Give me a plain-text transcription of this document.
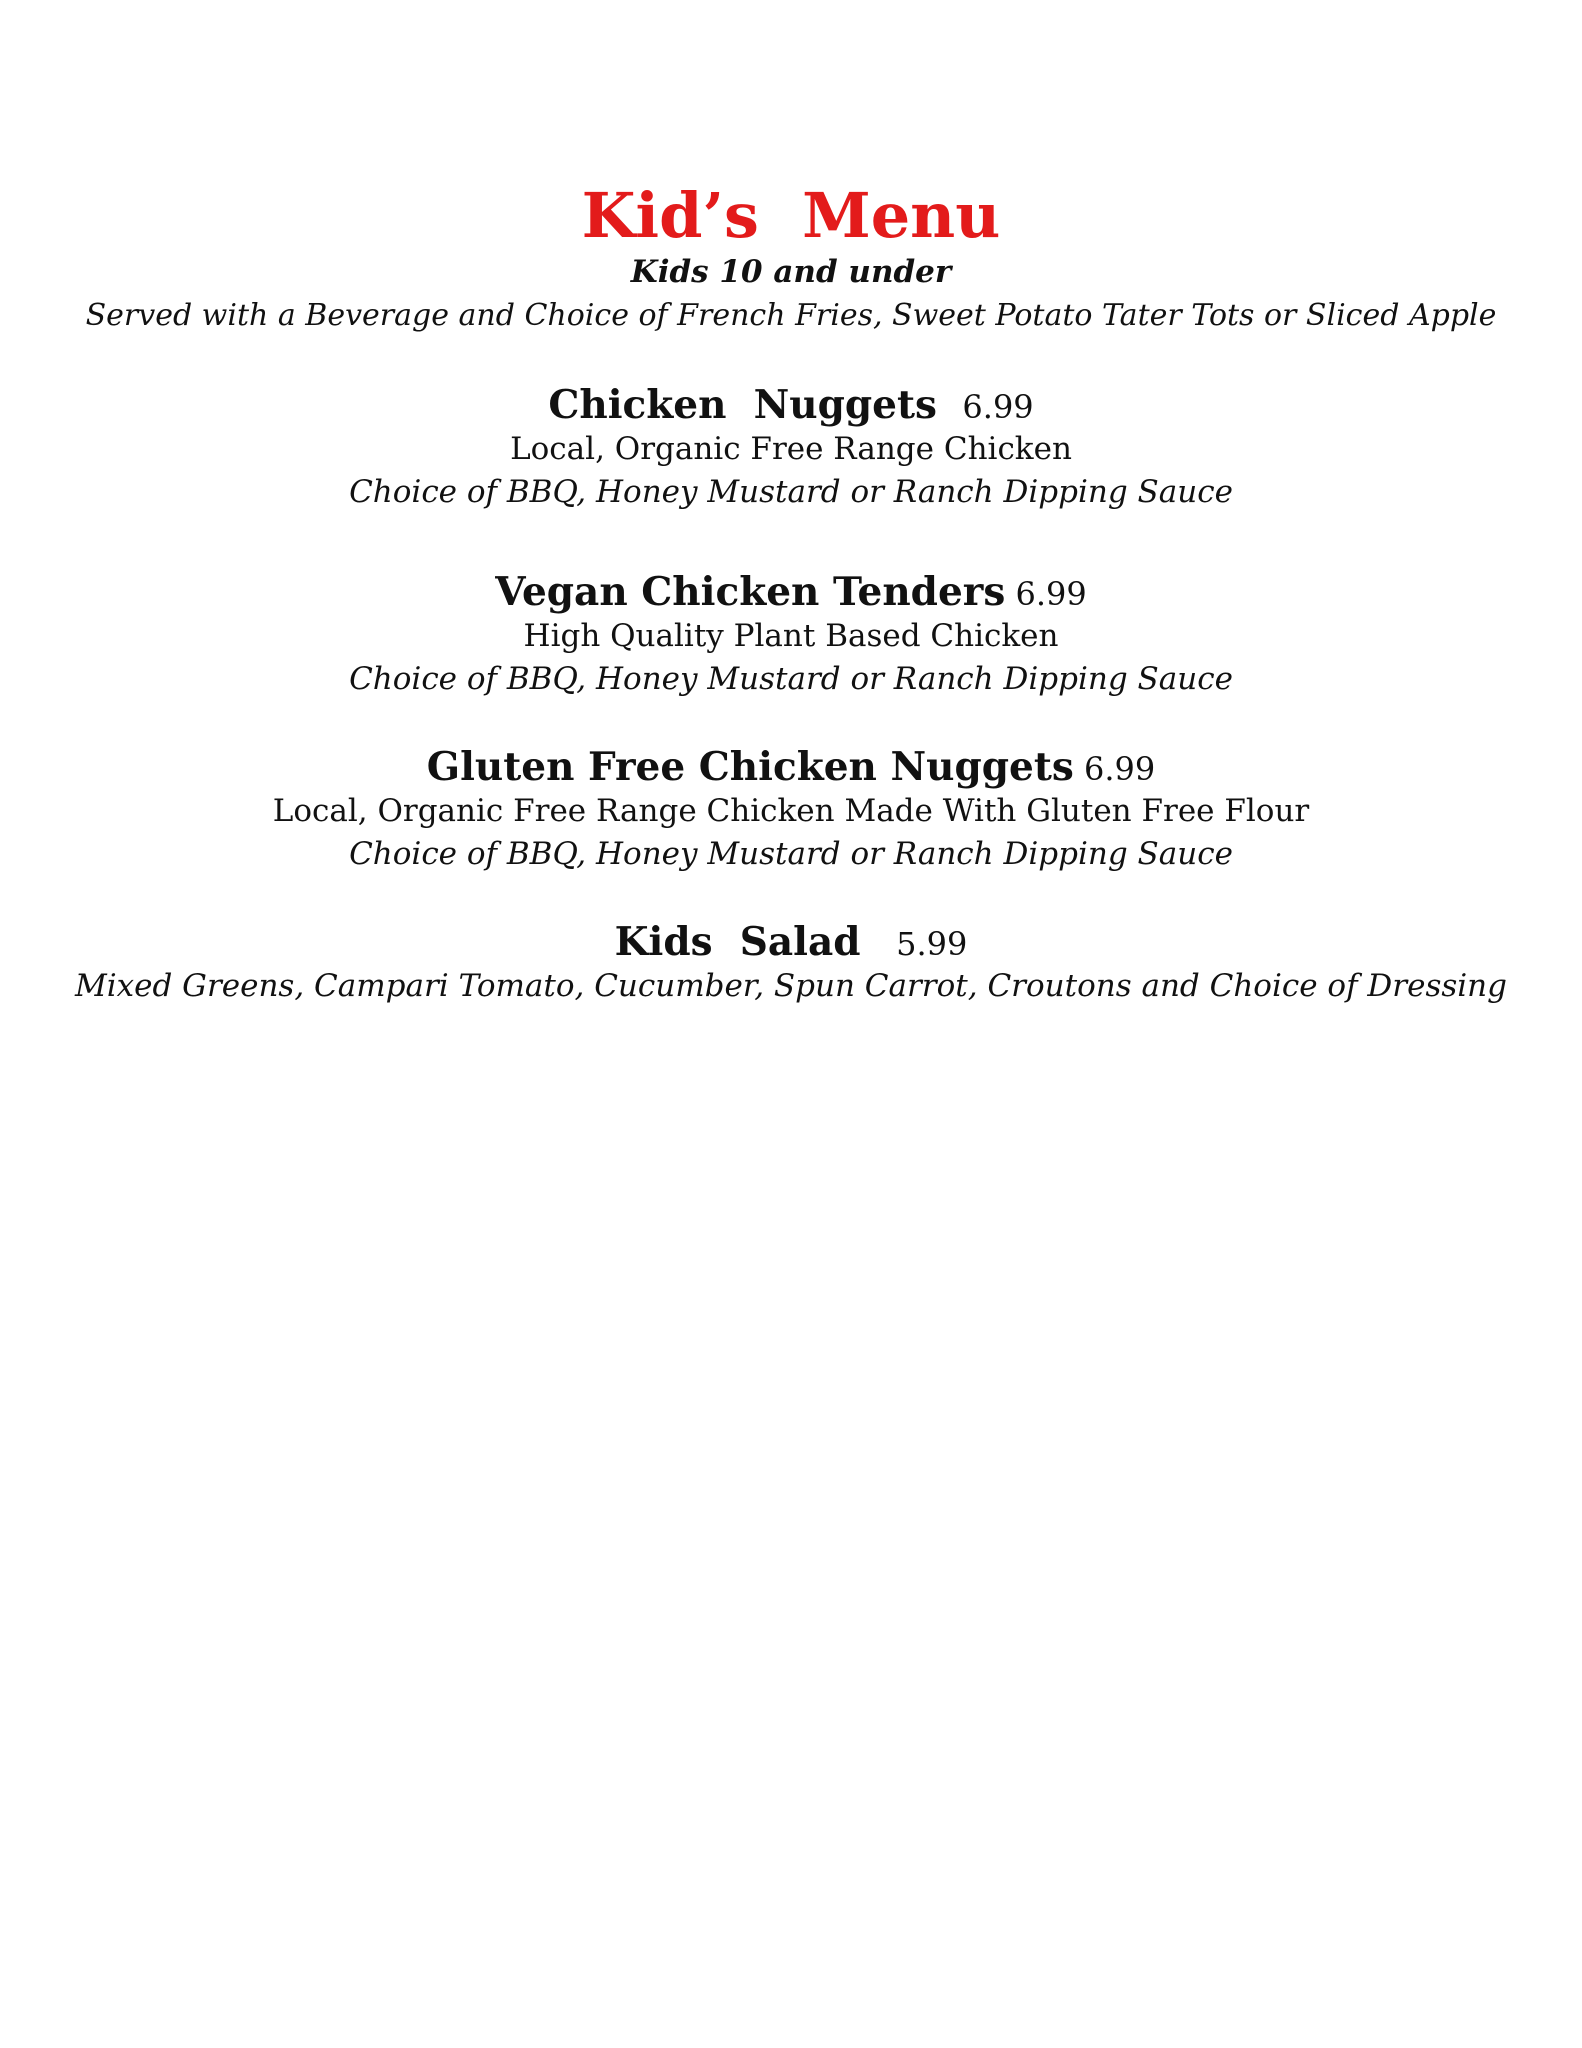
Kid’s  Menu
Kids 10 and under
Served with a Beverage and Choice of French Fries, Sweet Potato Tater Tots or Sliced Apple
Chicken  Nuggets 6.99
Local, Organic Free Range Chicken
Choice of BBQ, Honey Mustard or Ranch Dipping Sauce
Vegan Chicken Tenders 6.99
High Quality Plant Based Chicken
Choice of BBQ, Honey Mustard or Ranch Dipping Sauce
Gluten Free Chicken Nuggets 6.99
Local, Organic Free Range Chicken Made With Gluten Free Flour
Choice of BBQ, Honey Mustard or Ranch Dipping Sauce
Kids  Salad 5.99
Mixed Greens, Campari Tomato, Cucumber, Spun Carrot, Croutons and Choice of Dressing
